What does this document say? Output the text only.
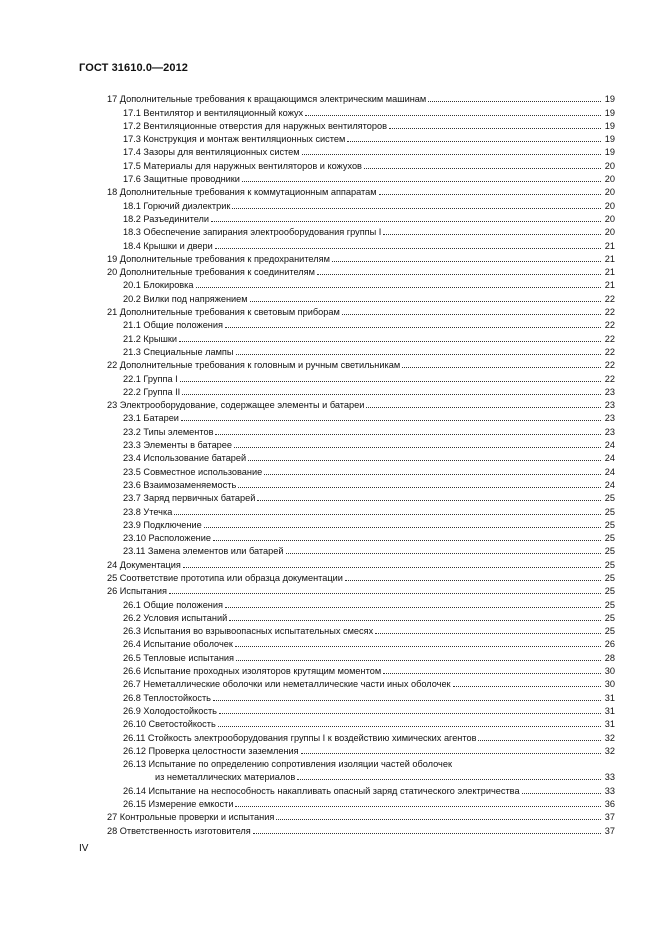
ГОСТ 31610.0—2012
17 Дополнительные требования к вращающимся электрическим машинам	19
17.1 Вентилятор и вентиляционный кожух	19
17.2 Вентиляционные отверстия для наружных вентиляторов	19
17.3 Конструкция и монтаж вентиляционных систем	19
17.4 Зазоры для вентиляционных систем	19
17.5 Материалы для наружных вентиляторов и кожухов	20
17.6 Защитные проводники	20
18 Дополнительные требования к коммутационным аппаратам	20
18.1 Горючий диэлектрик	20
18.2 Разъединители	20
18.3 Обеспечение запирания электрооборудования группы I	20
18.4 Крышки и двери	21
19 Дополнительные требования к предохранителям	21
20 Дополнительные требования к соединителям	21
20.1 Блокировка	21
20.2 Вилки под напряжением	22
21 Дополнительные требования к световым приборам	22
21.1 Общие положения	22
21.2 Крышки	22
21.3 Специальные лампы	22
22 Дополнительные требования к головным и ручным светильникам	22
22.1 Группа I	22
22.2 Группа II	23
23 Электрооборудование, содержащее элементы и батареи	23
23.1 Батареи	23
23.2 Типы элементов	23
23.3 Элементы в батарее	24
23.4 Использование батарей	24
23.5 Совместное использование	24
23.6 Взаимозаменяемость	24
23.7 Заряд первичных батарей	25
23.8 Утечка	25
23.9 Подключение	25
23.10 Расположение	25
23.11 Замена элементов или батарей	25
24 Документация	25
25 Соответствие прототипа или образца документации	25
26 Испытания	25
26.1 Общие положения	25
26.2 Условия испытаний	25
26.3 Испытания во взрывоопасных испытательных смесях	25
26.4 Испытание оболочек	26
26.5 Тепловые испытания	28
26.6 Испытание проходных изоляторов крутящим моментом	30
26.7 Неметаллические оболочки или неметаллические части иных оболочек	30
26.8 Теплостойкость	31
26.9 Холодостойкость	31
26.10 Светостойкость	31
26.11 Стойкость электрооборудования группы I к воздействию химических агентов	32
26.12 Проверка целостности заземления	32
26.13 Испытание по определению сопротивления изоляции частей оболочек
из неметаллических материалов	33
26.14 Испытание на неспособность накапливать опасный заряд статического электричества	33
26.15 Измерение емкости	36
27 Контрольные проверки и испытания	37
28 Ответственность изготовителя	37
IV
